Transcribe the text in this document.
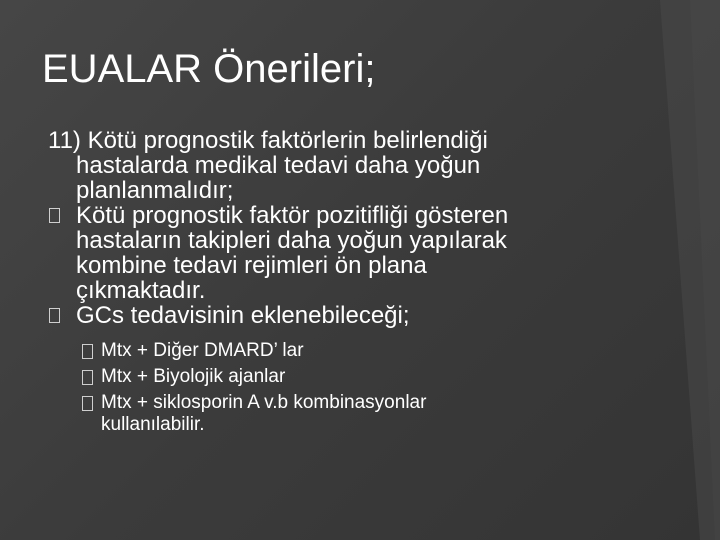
EUALAR Önerileri;

11) Kötü prognostik faktörlerin belirlendiği
hastalarda medikal tedavi daha yoğun
planlanmalıdır;

Kötü prognostik faktör pozitifliği gösteren
hastaların takipleri daha yoğun yapılarak
kombine tedavi rejimleri ön plana
çıkmaktadır.
GCs tedavisinin eklenebileceği;
Mtx + Diğer DMARD’ lar
Mtx + Biyolojik ajanlar
Mtx + siklosporin A v.b kombinasyonlar
kullanılabilir.
